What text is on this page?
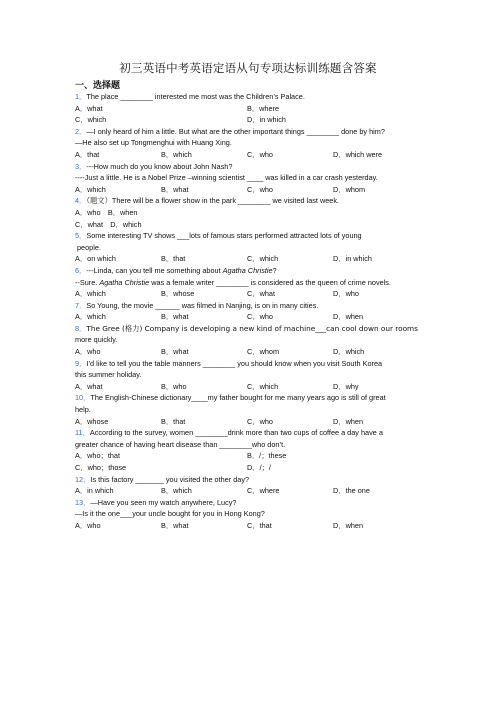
初三英语中考英语定语从句专项达标训练题含答案
一、选择题
1．The place ________ interested me most was the Children’s Palace.
A．what	B．where
C．which	D．in which
2．—I only heard of him a little. But what are the other important things ________ done by him?
—He also set up Tongmenghui with Huang Xing.
A．that	B．which	C．who	D．which were
3．---How much do you know about John Nash?
----Just a little. He is a Nobel Prize –winning scientist ____ was killed in a car crash yesterday.
A．which	B．what	C．who	D．whom
4．（题文）There will be a flower show in the park ________ we visited last week.
A．who　B．when
C．what　D．which
5．Some interesting TV shows ___lots of famous stars performed attracted lots of young
people.
A．on which	B．that	C．which	D．in which
6．---Linda, can you tell me something about Agatha Christie?
--Sure. Agatha Christie was a female writer ________ is considered as the queen of crime novels.
A．which	B．whose	C．what	D．who
7．So Young, the movie ______ was filmed in Nanjing, is on in many cities.
A．which	B．what	C．who	D．when
8．The Gree (格力) Company is developing a new kind of machine___can cool down our rooms
more quickly.
A．who	B．what	C．whom	D．which
9．I’d like to tell you the table manners ________ you should know when you visit South Korea
this summer holiday.
A．what	B．who	C．which	D．why
10．The English-Chinese dictionary____my father bought for me many years ago is still of great
help.
A．whose	B．that	C．who	D．when
11．According to the survey, women ________drink more than two cups of coffee a day have a
greater chance of having heart disease than ________who don’t.
A．who；that	B．/；these
C．who；those	D．/；/
12．Is this factory _______ you visited the other day?
A．in which	B．which	C．where	D．the one
13．—Have you seen my watch anywhere, Lucy?
—Is it the one___your uncle bought for you in Hong Kong?
A．who	B．what	C．that	D．when
